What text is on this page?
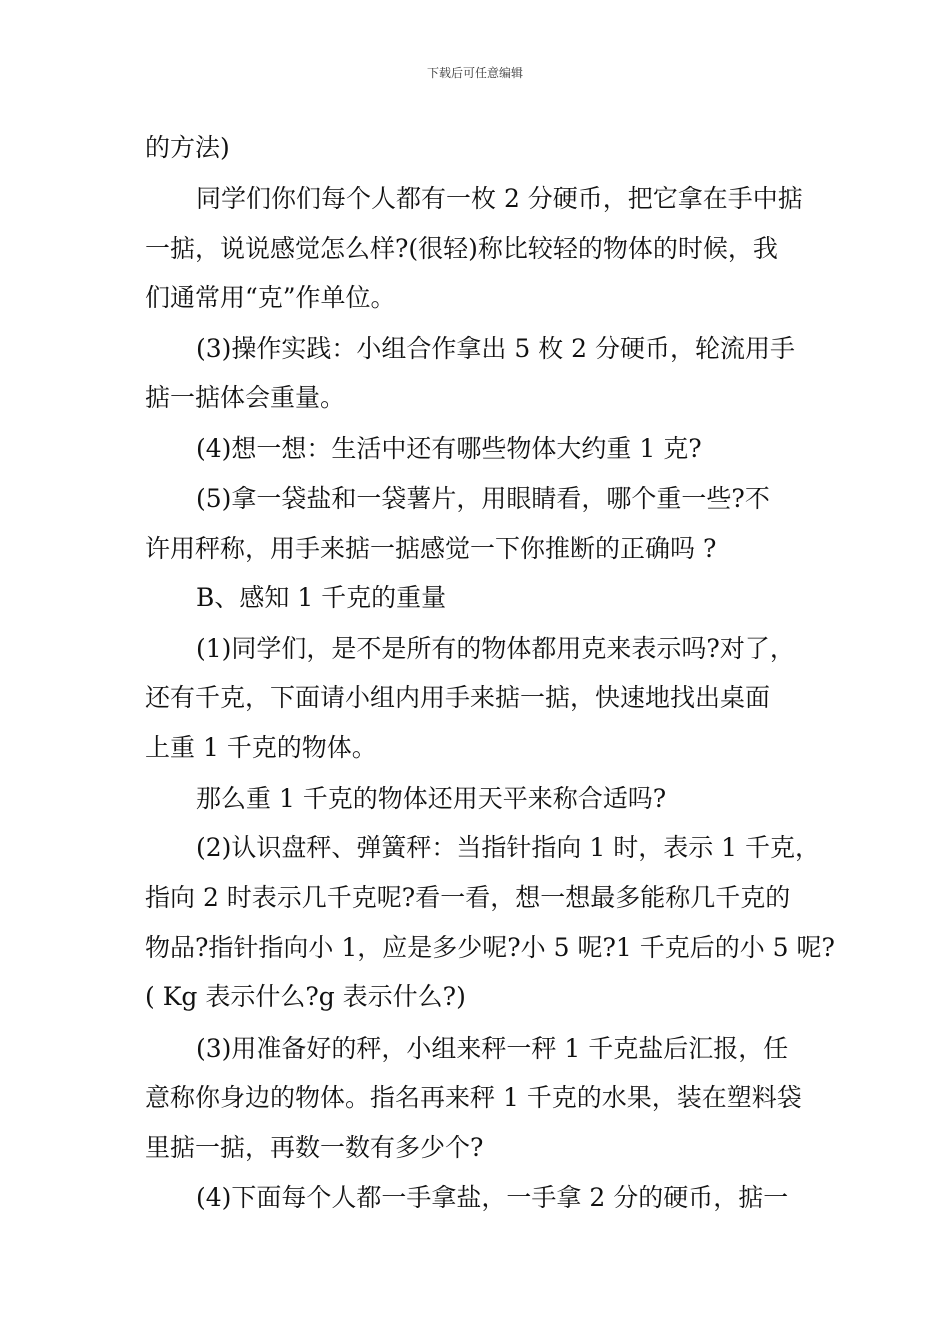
下载后可任意编辑
的方法)
同学们你们每个人都有一枚 2 分硬币，把它拿在手中掂
一掂，说说感觉怎么样?(很轻)称比较轻的物体的时候，我
们通常用“克”作单位。
(3)操作实践：小组合作拿出 5 枚 2 分硬币，轮流用手
掂一掂体会重量。
(4)想一想：生活中还有哪些物体大约重 1 克?
(5)拿一袋盐和一袋薯片，用眼睛看，哪个重一些?不
许用秤称，用手来掂一掂感觉一下你推断的正确吗 ?
B、感知 1 千克的重量
(1)同学们，是不是所有的物体都用克来表示吗?对了，
还有千克，下面请小组内用手来掂一掂，快速地找出桌面
上重 1 千克的物体。
那么重 1 千克的物体还用天平来称合适吗?
(2)认识盘秤、弹簧秤：当指针指向 1 时，表示 1 千克，
指向 2 时表示几千克呢?看一看，想一想最多能称几千克的
物品?指针指向小 1，应是多少呢?小 5 呢?1 千克后的小 5 呢?
( Kg 表示什么?g 表示什么?)
(3)用准备好的秤，小组来秤一秤 1 千克盐后汇报，任
意称你身边的物体。指名再来秤 1 千克的水果，装在塑料袋
里掂一掂，再数一数有多少个?
(4)下面每个人都一手拿盐，一手拿 2 分的硬币，掂一
